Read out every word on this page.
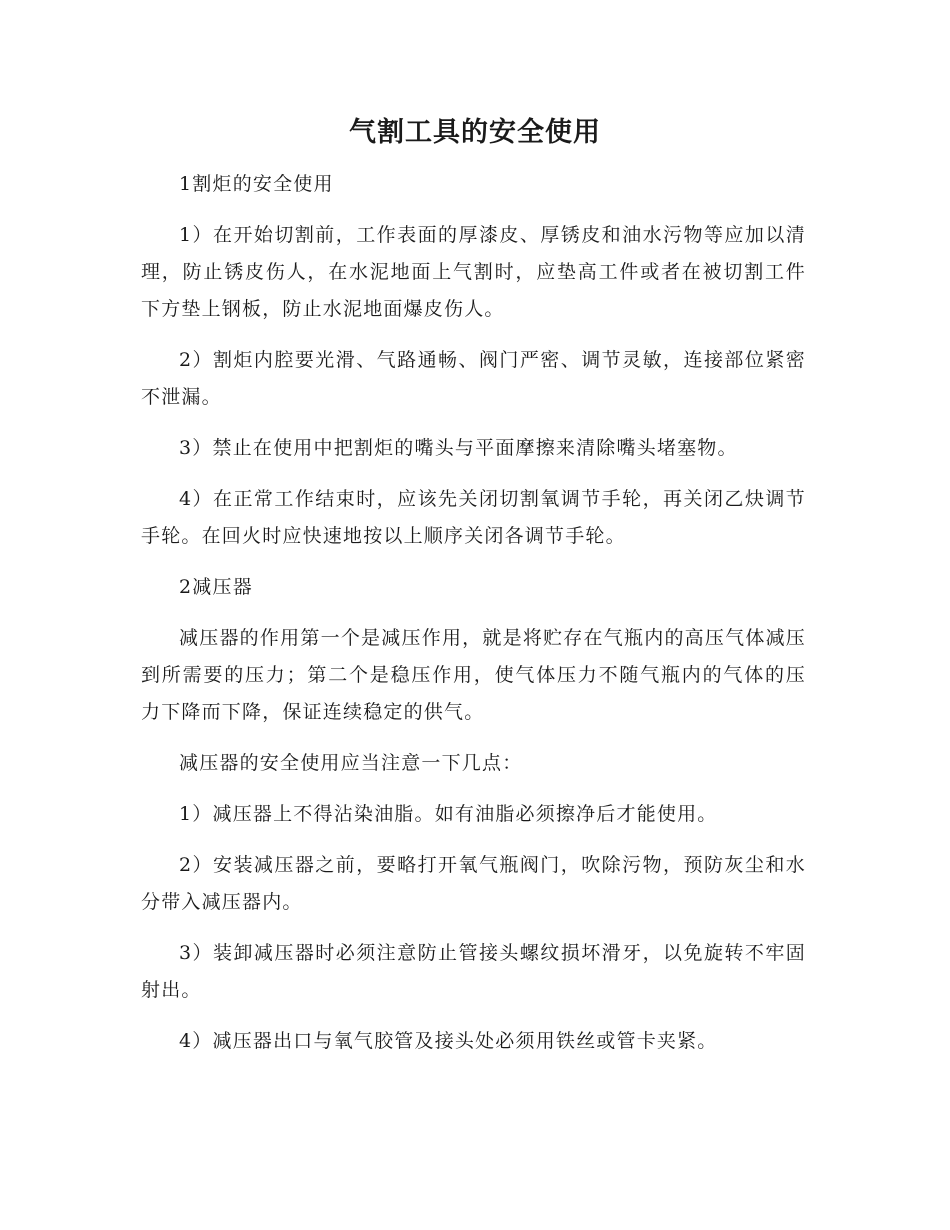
气割工具的安全使用

1割炬的安全使用

1）在开始切割前，工作表面的厚漆皮、厚锈皮和油水污物等应加以清理，防止锈皮伤人，在水泥地面上气割时，应垫高工件或者在被切割工件下方垫上钢板，防止水泥地面爆皮伤人。

2）割炬内腔要光滑、气路通畅、阀门严密、调节灵敏，连接部位紧密不泄漏。

3）禁止在使用中把割炬的嘴头与平面摩擦来清除嘴头堵塞物。

4）在正常工作结束时，应该先关闭切割氧调节手轮，再关闭乙炔调节手轮。在回火时应快速地按以上顺序关闭各调节手轮。

2减压器

减压器的作用第一个是减压作用，就是将贮存在气瓶内的高压气体减压到所需要的压力；第二个是稳压作用，使气体压力不随气瓶内的气体的压力下降而下降，保证连续稳定的供气。

减压器的安全使用应当注意一下几点：

1）减压器上不得沾染油脂。如有油脂必须擦净后才能使用。

2）安装减压器之前，要略打开氧气瓶阀门，吹除污物，预防灰尘和水分带入减压器内。

3）装卸减压器时必须注意防止管接头螺纹损坏滑牙，以免旋转不牢固射出。

4）减压器出口与氧气胶管及接头处必须用铁丝或管卡夹紧。
